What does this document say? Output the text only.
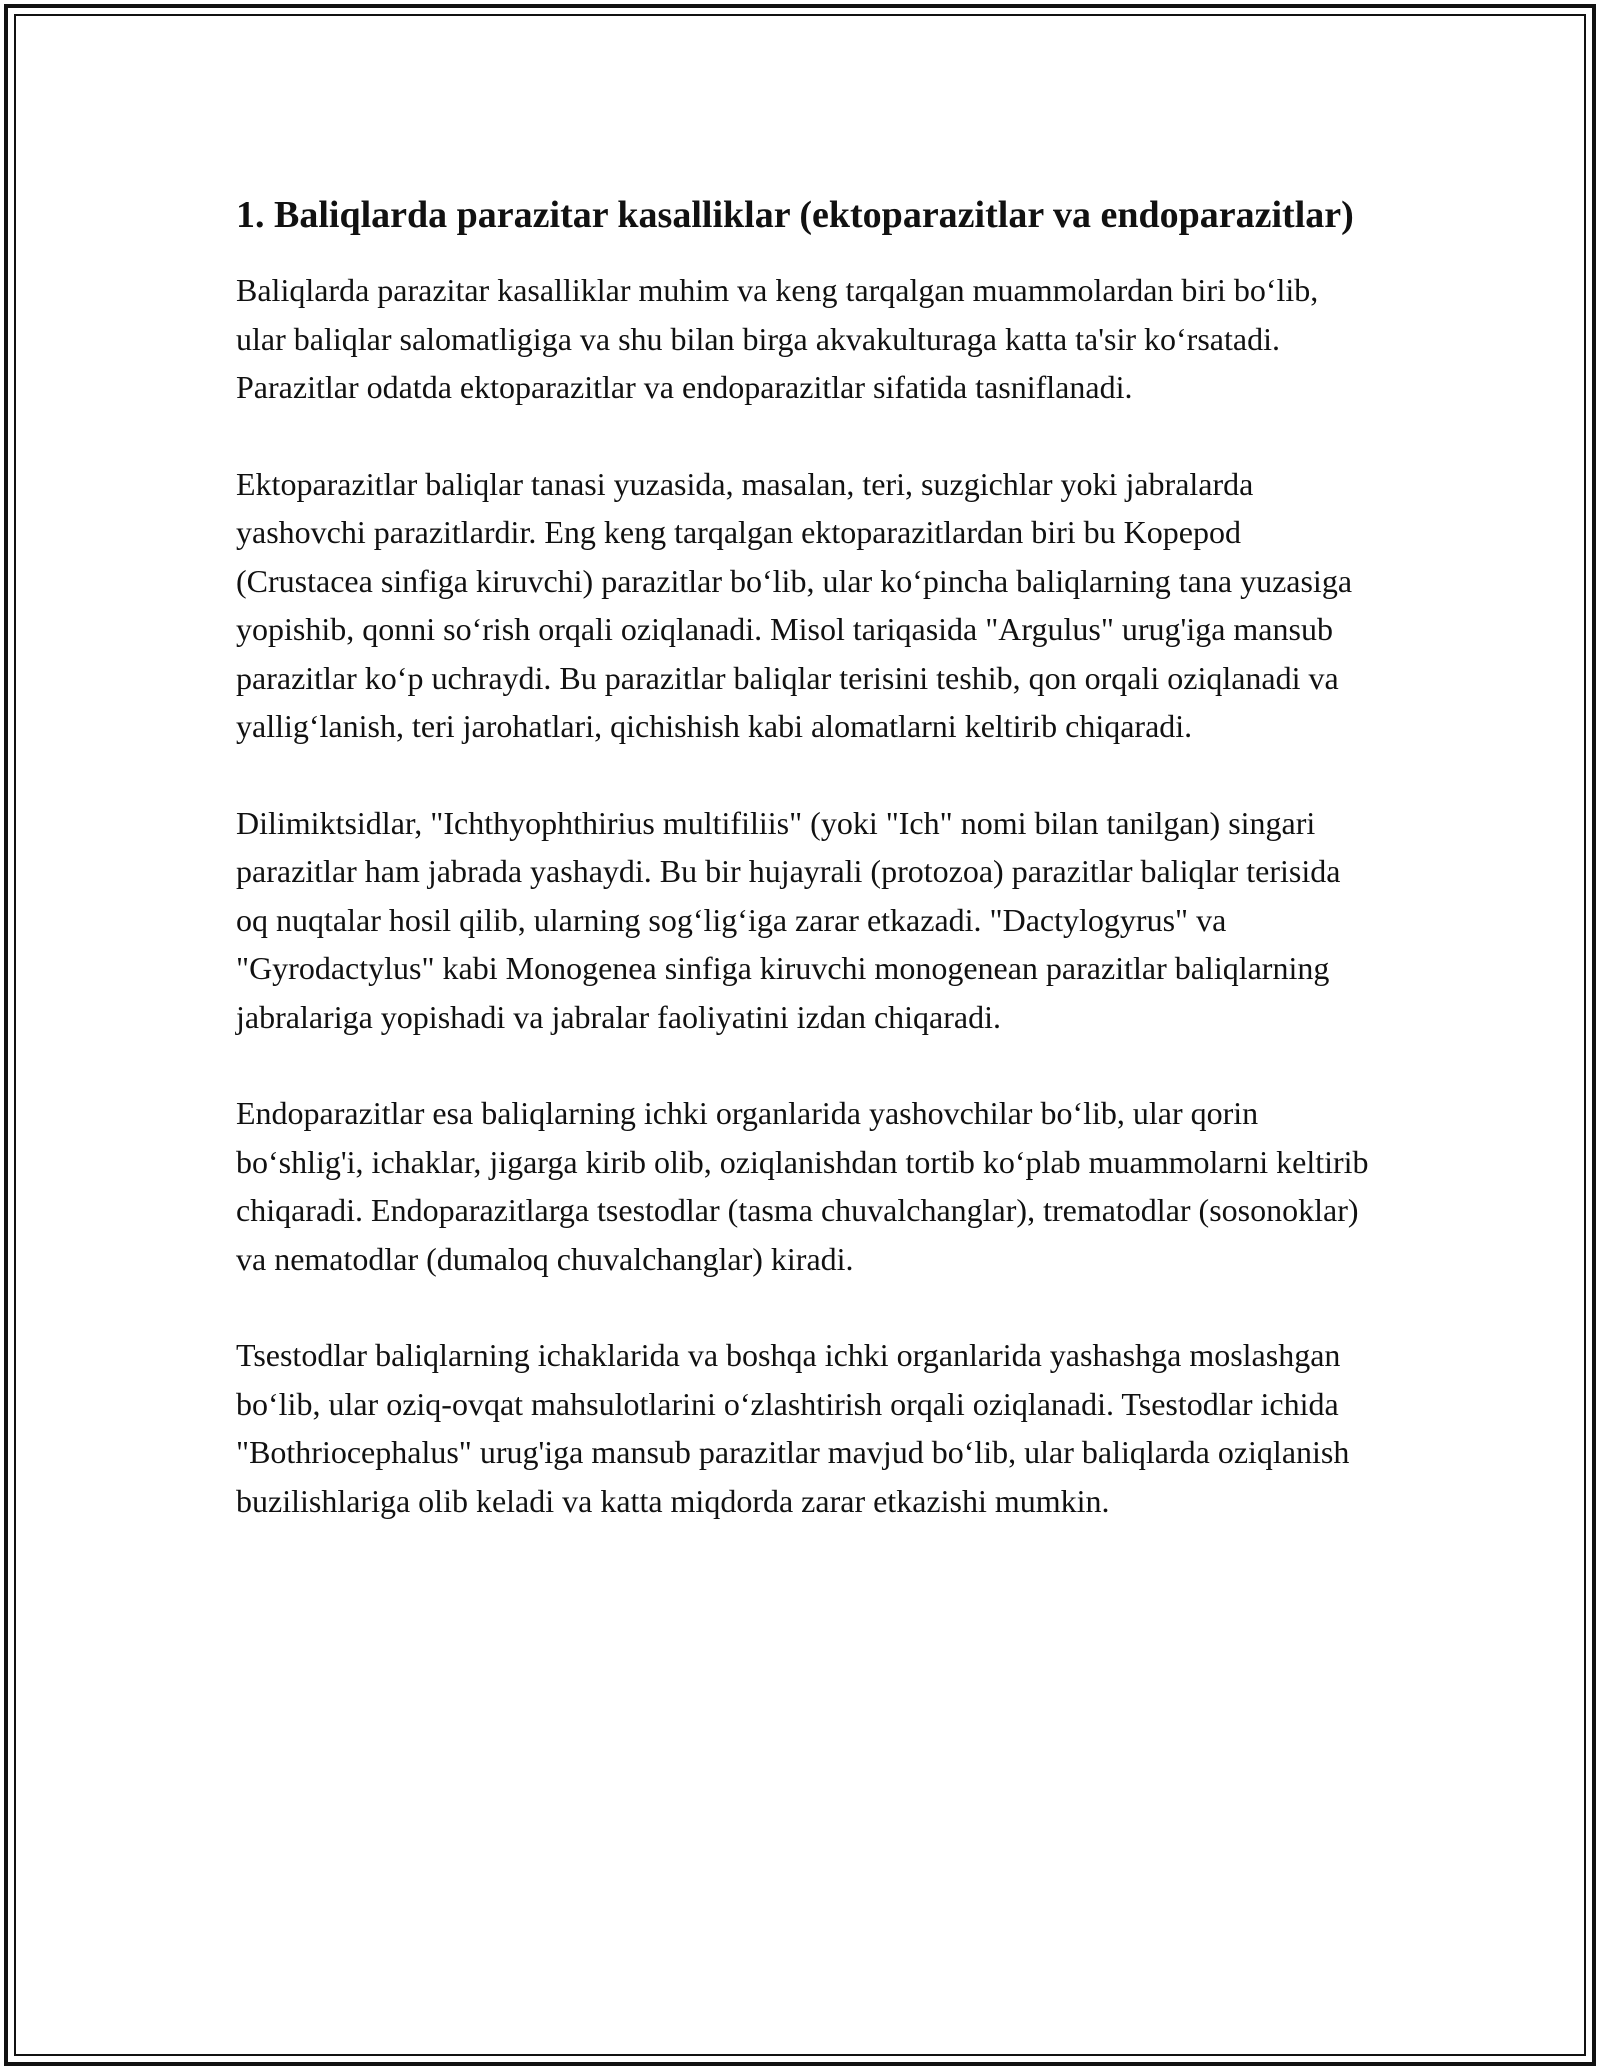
1. Baliqlarda parazitar kasalliklar (ektoparazitlar va endoparazitlar)

Baliqlarda parazitar kasalliklar muhim va keng tarqalgan muammolardan biri bo‘lib, ular baliqlar salomatligiga va shu bilan birga akvakulturaga katta ta'sir ko‘rsatadi. Parazitlar odatda ektoparazitlar va endoparazitlar sifatida tasniflanadi.

Ektoparazitlar baliqlar tanasi yuzasida, masalan, teri, suzgichlar yoki jabralarda yashovchi parazitlardir. Eng keng tarqalgan ektoparazitlardan biri bu Kopepod (Crustacea sinfiga kiruvchi) parazitlar bo‘lib, ular ko‘pincha baliqlarning tana yuzasiga yopishib, qonni so‘rish orqali oziqlanadi. Misol tariqasida "Argulus" urug'iga mansub parazitlar ko‘p uchraydi. Bu parazitlar baliqlar terisini teshib, qon orqali oziqlanadi va yallig‘lanish, teri jarohatlari, qichishish kabi alomatlarni keltirib chiqaradi.

Dilimiktsidlar, "Ichthyophthirius multifiliis" (yoki "Ich" nomi bilan tanilgan) singari parazitlar ham jabrada yashaydi. Bu bir hujayrali (protozoa) parazitlar baliqlar terisida oq nuqtalar hosil qilib, ularning sog‘lig‘iga zarar etkazadi. "Dactylogyrus" va "Gyrodactylus" kabi Monogenea sinfiga kiruvchi monogenean parazitlar baliqlarning jabralariga yopishadi va jabralar faoliyatini izdan chiqaradi.

Endoparazitlar esa baliqlarning ichki organlarida yashovchilar bo‘lib, ular qorin bo‘shlig'i, ichaklar, jigarga kirib olib, oziqlanishdan tortib ko‘plab muammolarni keltirib chiqaradi. Endoparazitlarga tsestodlar (tasma chuvalchanglar), trematodlar (sosonoklar) va nematodlar (dumaloq chuvalchanglar) kiradi.

Tsestodlar baliqlarning ichaklarida va boshqa ichki organlarida yashashga moslashgan bo‘lib, ular oziq-ovqat mahsulotlarini o‘zlashtirish orqali oziqlanadi. Tsestodlar ichida "Bothriocephalus" urug'iga mansub parazitlar mavjud bo‘lib, ular baliqlarda oziqlanish buzilishlariga olib keladi va katta miqdorda zarar etkazishi mumkin.
